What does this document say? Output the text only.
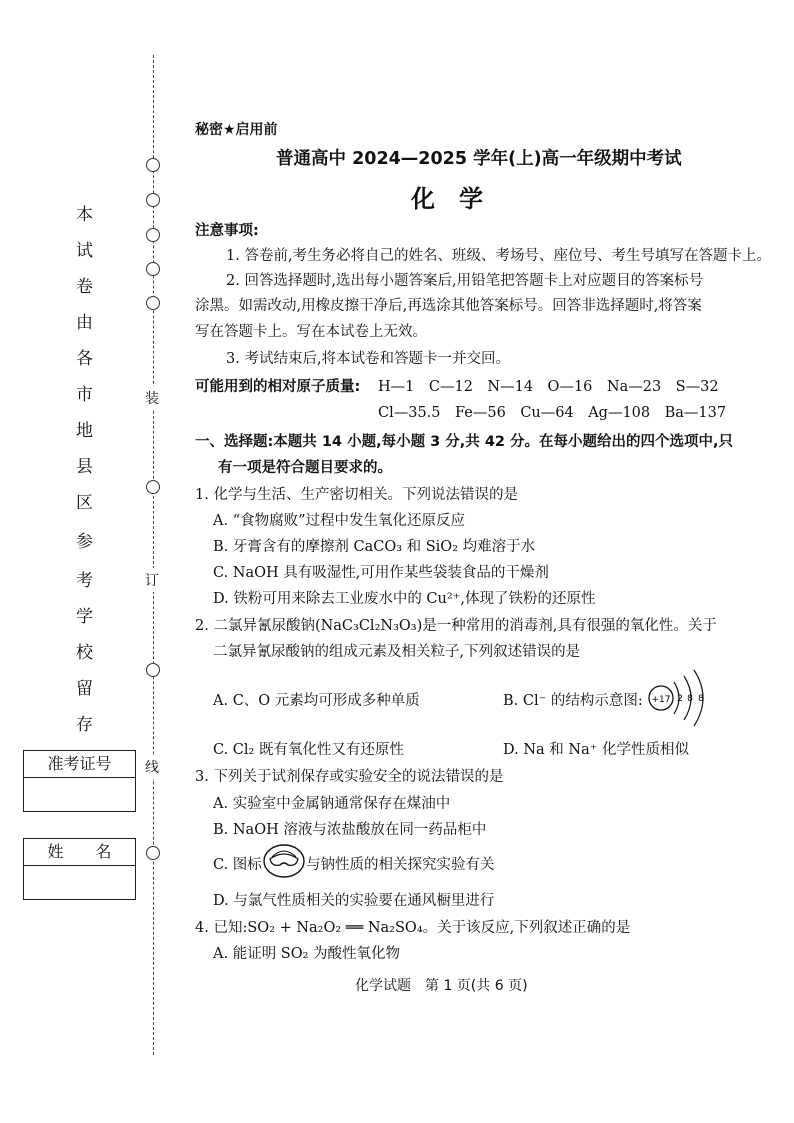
装
订
线
本
试
卷
由
各
市
地
县
区
参
考
学
校
留
存
准考证号
姓　　名
秘密★启用前
普通高中 2024—2025 学年(上)高一年级期中考试
化学
注意事项:
1. 答卷前,考生务必将自己的姓名、班级、考场号、座位号、考生号填写在答题卡上。
2. 回答选择题时,选出每小题答案后,用铅笔把答题卡上对应题目的答案标号
涂黑。如需改动,用橡皮擦干净后,再选涂其他答案标号。回答非选择题时,将答案
写在答题卡上。写在本试卷上无效。
3. 考试结束后,将本试卷和答题卡一并交回。
可能用到的相对原子质量: H—1　C—12　N—14　O—16　Na—23　S—32
Cl—35.5　Fe—56　Cu—64　Ag—108　Ba—137
一、选择题:本题共 14 小题,每小题 3 分,共 42 分。在每小题给出的四个选项中,只
有一项是符合题目要求的。
1. 化学与生活、生产密切相关。下列说法错误的是
A. “食物腐败”过程中发生氧化还原反应
B. 牙膏含有的摩擦剂 CaCO₃ 和 SiO₂ 均难溶于水
C. NaOH 具有吸湿性,可用作某些袋装食品的干燥剂
D. 铁粉可用来除去工业废水中的 Cu²⁺,体现了铁粉的还原性
2. 二氯异氰尿酸钠(NaC₃Cl₂N₃O₃)是一种常用的消毒剂,具有很强的氧化性。关于
二氯异氰尿酸钠的组成元素及相关粒子,下列叙述错误的是
A. C、O 元素均可形成多种单质	B. Cl⁻ 的结构示意图: +17 2 8 8
C. Cl₂ 既有氧化性又有还原性	D. Na 和 Na⁺ 化学性质相似
3. 下列关于试剂保存或实验安全的说法错误的是
A. 实验室中金属钠通常保存在煤油中
B. NaOH 溶液与浓盐酸放在同一药品柜中
C. 图标	与钠性质的相关探究实验有关
D. 与氯气性质相关的实验要在通风橱里进行
4. 已知:SO₂ + Na₂O₂ ══ Na₂SO₄。关于该反应,下列叙述正确的是
A. 能证明 SO₂ 为酸性氧化物
化学试题　第 1 页(共 6 页)
